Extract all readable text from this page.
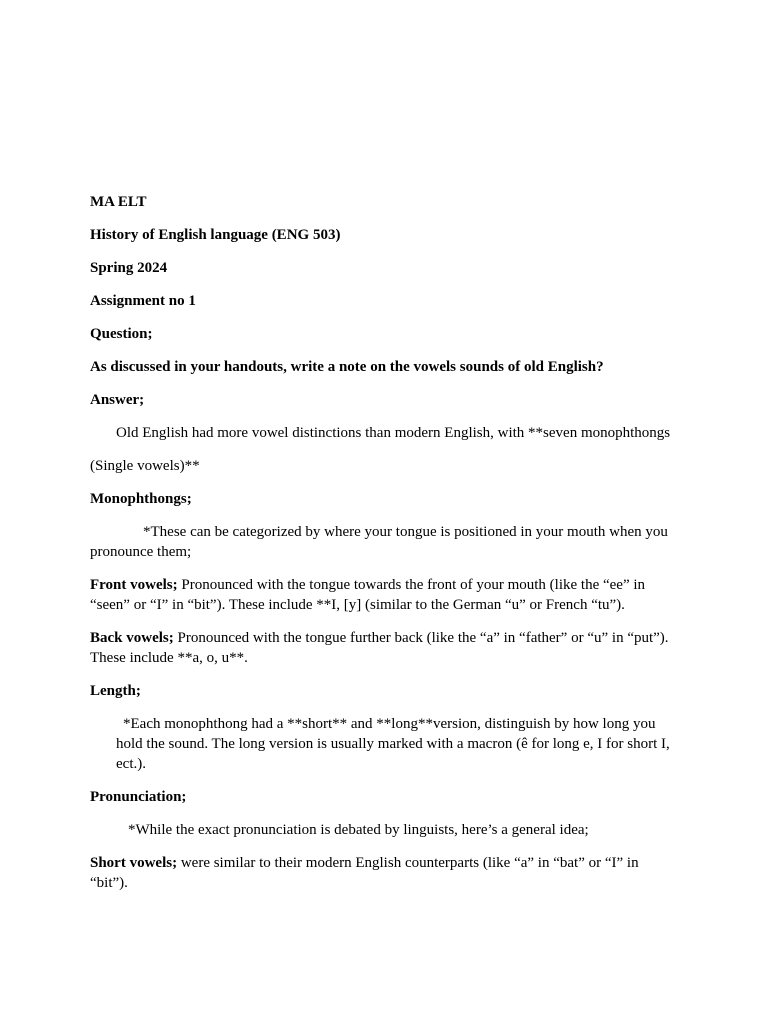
MA ELT

History of English language (ENG 503)

Spring 2024

Assignment no 1

Question;

As discussed in your handouts, write a note on the vowels sounds of old English?

Answer;

Old English had more vowel distinctions than modern English, with **seven monophthongs

(Single vowels)**

Monophthongs;

*These can be categorized by where your tongue is positioned in your mouth when you pronounce them;

Front vowels; Pronounced with the tongue towards the front of your mouth (like the “ee” in “seen” or “I” in “bit”). These include **I, [y] (similar to the German “u” or French “tu”).

Back vowels; Pronounced with the tongue further back (like the “a” in “father” or “u” in “put”). These include **a, o, u**.

Length;

*Each monophthong had a **short** and **long**version, distinguish by how long you hold the sound. The long version is usually marked with a macron (ê for long e, I for short I, ect.).

Pronunciation;

*While the exact pronunciation is debated by linguists, here’s a general idea;

Short vowels; were similar to their modern English counterparts (like “a” in “bat” or “I” in “bit”).
